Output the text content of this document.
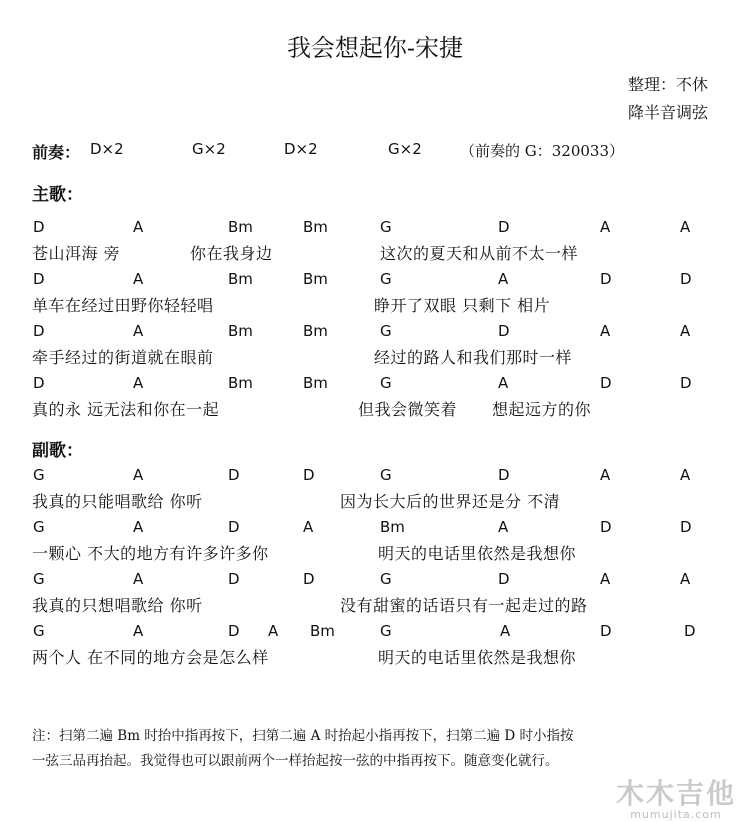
我会想起你-宋捷
整理：不休
降半音调弦
前奏： D×2	G×2	D×2	G×2	（前奏的 G：320033）
主歌：
副歌：
D	A	Bm	Bm	G	D	A	A
苍山洱海 旁	你在我身边	这次的夏天和从前不太一样
D	A	Bm	Bm	G	A	D	D
单车在经过田野你轻轻唱	睁开了双眼 只剩下 相片
D	A	Bm	Bm	G	D	A	A
牵手经过的街道就在眼前	经过的路人和我们那时一样
D	A	Bm	Bm	G	A	D	D
真的永 远无法和你在一起	但我会微笑着 想起远方的你
G	A	D	D	G	D	A	A
我真的只能唱歌给 你听	因为长大后的世界还是分 不清
G	A	D	A	Bm	A	D	D
一颗心 不大的地方有许多许多你	明天的电话里依然是我想你
G	A	D	D	G	D	A	A
我真的只想唱歌给 你听	没有甜蜜的话语只有一起走过的路
G	A	D A Bm	G	A	D	D
两个人 在不同的地方会是怎么样	明天的电话里依然是我想你
注：扫第二遍 Bm 时抬中指再按下，扫第二遍 A 时抬起小指再按下，扫第二遍 D 时小指按
一弦三品再抬起。我觉得也可以跟前两个一样抬起按一弦的中指再按下。随意变化就行。
木木吉他
mumujita.com
